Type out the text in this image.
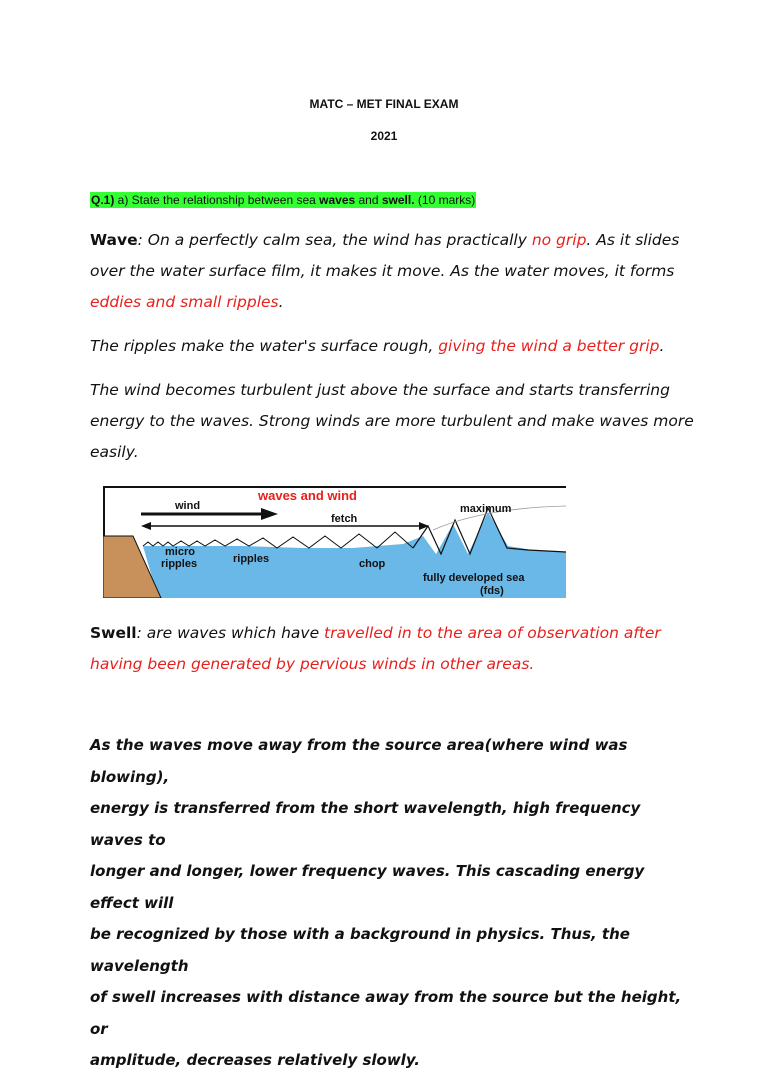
MATC – MET FINAL EXAM
2021
Q.1) a) State the relationship between sea waves and swell. (10 marks)
Wave: On a perfectly calm sea, the wind has practically no grip. As it slides
over the water surface film, it makes it move. As the water moves, it forms
eddies and small ripples.
The ripples make the water's surface rough, giving the wind a better grip.
The wind becomes turbulent just above the surface and starts transferring
energy to the waves. Strong winds are more turbulent and make waves more
easily.
waves and wind
wind
fetch
maximum
micro
ripples	ripples	chop
fully developed sea
(fds)
Swell: are waves which have travelled in to the area of observation after
having been generated by pervious winds in other areas.
As the waves move away from the source area(where wind was blowing),
energy is transferred from the short wavelength, high frequency waves to
longer and longer, lower frequency waves. This cascading energy effect will
be recognized by those with a background in physics. Thus, the wavelength
of swell increases with distance away from the source but the height, or
amplitude, decreases relatively slowly.
